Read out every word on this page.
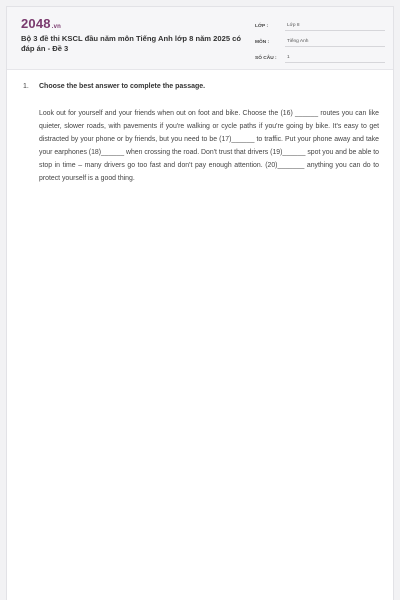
2048 .vn
Bộ 3 đề thi KSCL đầu năm môn Tiếng Anh lớp 8 năm 2025 có đáp án - Đề 3
LỚP :	Lớp 8
MÔN :	Tiếng Anh
SỐ CÂU :	1
1.	Choose the best answer to complete the passage.
Look out for yourself and your friends when out on foot and bike. Choose the (16) ______ routes you can like quieter, slower roads, with pavements if you're walking or cycle paths if you're going by bike. It's easy to get distracted by your phone or by friends, but you need to be (17)______ to traffic. Put your phone away and take your earphones (18)______ when crossing the road. Don't trust that drivers (19)______ spot you and be able to stop in time – many drivers go too fast and don't pay enough attention. (20)_______ anything you can do to protect yourself is a good thing.
